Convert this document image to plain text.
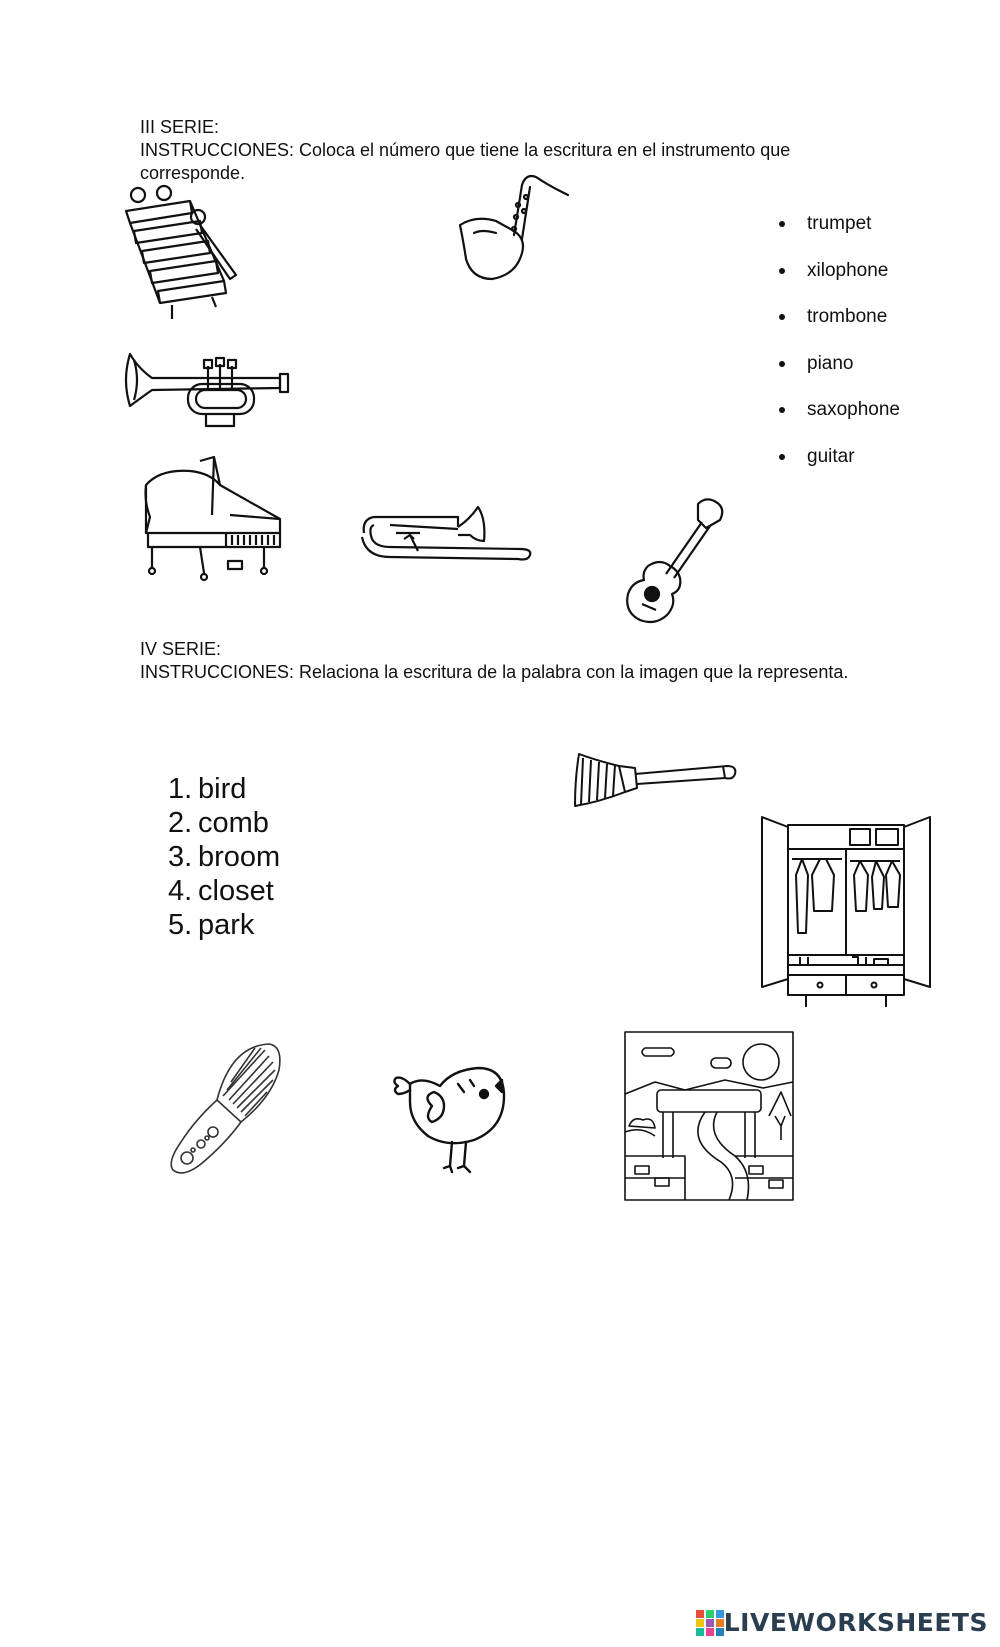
III SERIE:
INSTRUCCIONES: Coloca el número que tiene la escritura en el instrumento que corresponde.
trumpet
xilophone
trombone
piano
saxophone
guitar
IV SERIE:
INSTRUCCIONES: Relaciona la escritura de la palabra con la imagen que la representa.
1. bird
2. comb
3. broom
4. closet
5. park
LIVEWORKSHEETS
